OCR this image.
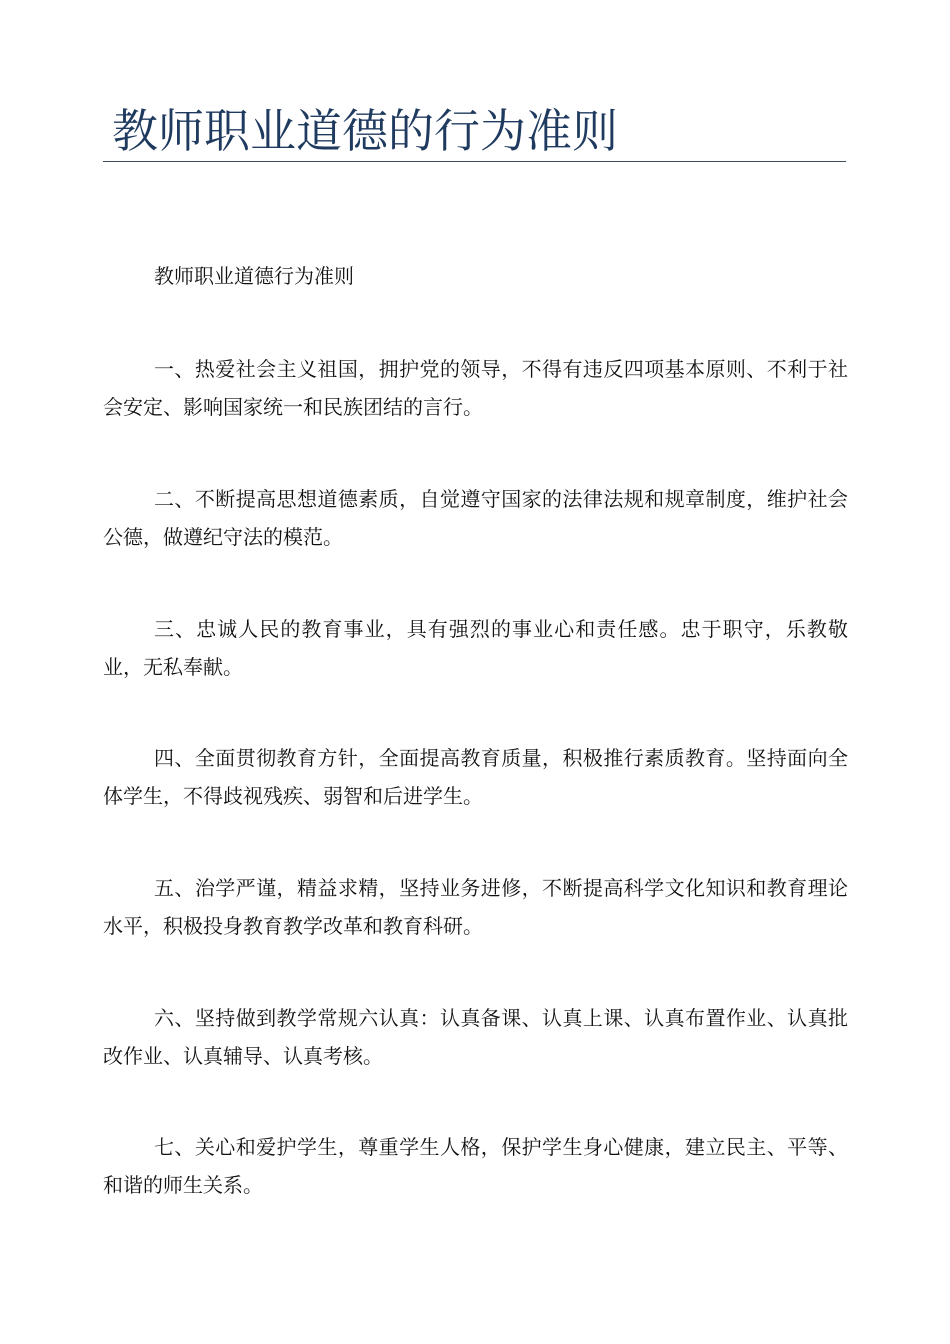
教师职业道德的行为准则

教师职业道德行为准则

一、热爱社会主义祖国，拥护党的领导，不得有违反四项基本原则、不利于社会安定、影响国家统一和民族团结的言行。

二、不断提高思想道德素质，自觉遵守国家的法律法规和规章制度，维护社会公德，做遵纪守法的模范。

三、忠诚人民的教育事业，具有强烈的事业心和责任感。忠于职守，乐教敬业，无私奉献。

四、全面贯彻教育方针，全面提高教育质量，积极推行素质教育。坚持面向全体学生，不得歧视残疾、弱智和后进学生。

五、治学严谨，精益求精，坚持业务进修，不断提高科学文化知识和教育理论水平，积极投身教育教学改革和教育科研。

六、坚持做到教学常规六认真：认真备课、认真上课、认真布置作业、认真批改作业、认真辅导、认真考核。

七、关心和爱护学生，尊重学生人格，保护学生身心健康，建立民主、平等、和谐的师生关系。
